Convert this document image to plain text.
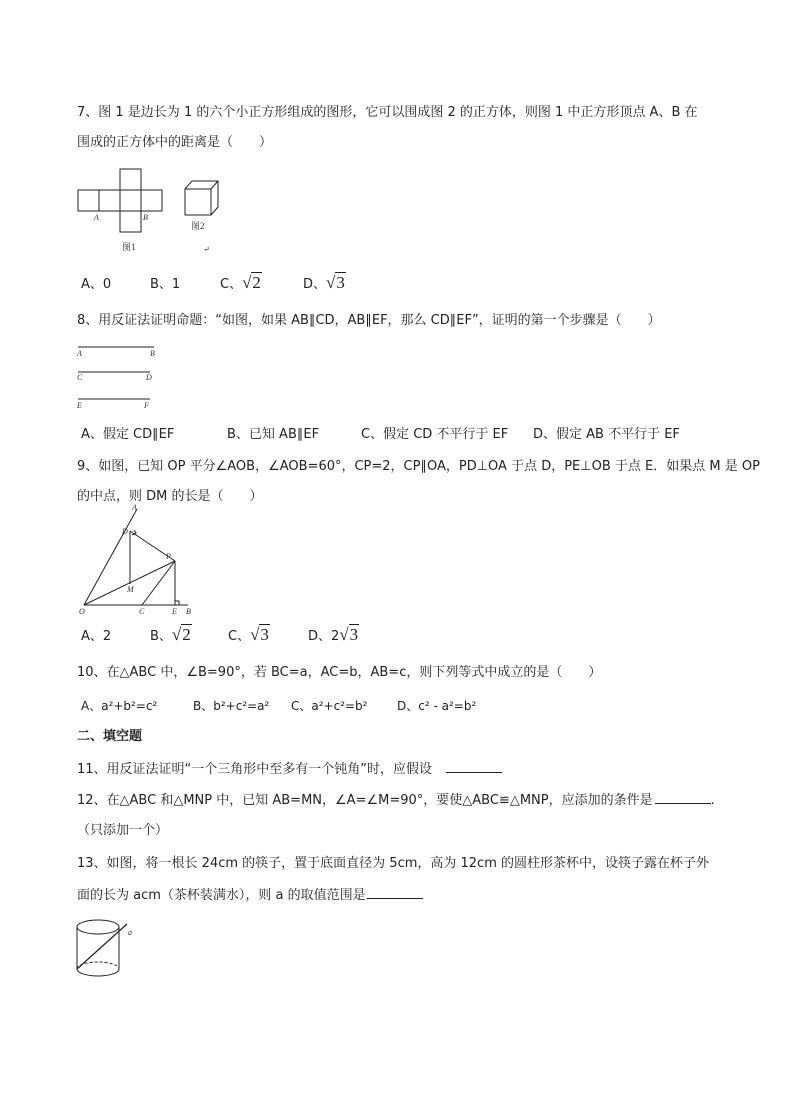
7、图 1 是边长为 1 的六个小正方形组成的图形，它可以围成图 2 的正方体，则图 1 中正方形顶点 A、B 在
围成的正方体中的距离是（　　）
A	B
图1
图2
↵
A、0	B、1	C、√2	D、√3
8、用反证法证明命题：“如图，如果 AB∥CD，AB∥EF，那么 CD∥EF”，证明的第一个步骤是（　　）
A	B
C	D
E	F
A、假定 CD∥EF	B、已知 AB∥EF	C、假定 CD 不平行于 EF D、假定 AB 不平行于 EF
9、如图，已知 OP 平分∠AOB，∠AOB=60°，CP=2，CP∥OA，PD⊥OA 于点 D，PE⊥OB 于点 E．如果点 M 是 OP
的中点，则 DM 的长是（　　）
A
D
P
M
O	C	E B
A、2	B、√2	C、√3	D、2√3
10、在△ABC 中，∠B=90°，若 BC=a，AC=b，AB=c，则下列等式中成立的是（　　）
A、a²+b²=c²	B、b²+c²=a² C、a²+c²=b² D、c² - a²=b²
二、填空题
11、用反证法证明“一个三角形中至多有一个钝角”时，应假设
12、在△ABC 和△MNP 中，已知 AB=MN，∠A=∠M=90°，要使△ABC≌△MNP，应添加的条件是	.
（只添加一个）
13、如图，将一根长 24cm 的筷子，置于底面直径为 5cm，高为 12cm 的圆柱形茶杯中，设筷子露在杯子外
面的长为 acm（茶杯装满水），则 a 的取值范围是
a
